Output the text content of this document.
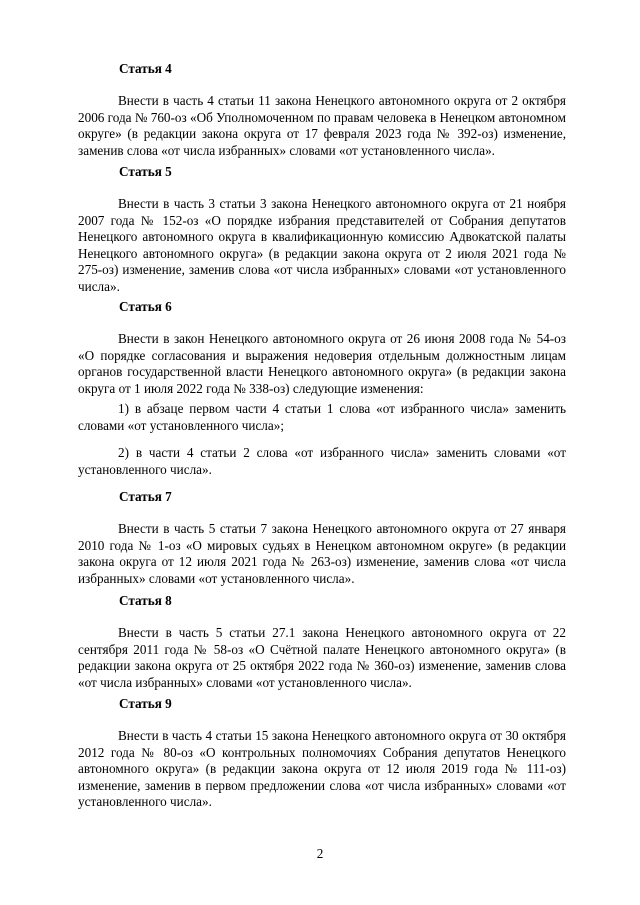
Статья 4
Внести в часть 4 статьи 11 закона Ненецкого автономного округа от 2 октября 2006 года № 760-оз «Об Уполномоченном по правам человека в Ненецком автономном округе» (в редакции закона округа от 17 февраля 2023 года № 392-оз) изменение, заменив слова «от числа избранных» словами «от установленного числа».
Статья 5
Внести в часть 3 статьи 3 закона Ненецкого автономного округа от 21 ноября 2007 года № 152-оз «О порядке избрания представителей от Собрания депутатов Ненецкого автономного округа в квалификационную комиссию Адвокатской палаты Ненецкого автономного округа» (в редакции закона округа от 2 июля 2021 года № 275-оз) изменение, заменив слова «от числа избранных» словами «от установленного числа».
Статья 6
Внести в закон Ненецкого автономного округа от 26 июня 2008 года № 54-оз «О порядке согласования и выражения недоверия отдельным должностным лицам органов государственной власти Ненецкого автономного округа» (в редакции закона округа от 1 июля 2022 года № 338-оз) следующие изменения:
1) в абзаце первом части 4 статьи 1 слова «от избранного числа» заменить словами «от установленного числа»;
2) в части 4 статьи 2 слова «от избранного числа» заменить словами «от установленного числа».
Статья 7
Внести в часть 5 статьи 7 закона Ненецкого автономного округа от 27 января 2010 года № 1-оз «О мировых судьях в Ненецком автономном округе» (в редакции закона округа от 12 июля 2021 года № 263-оз) изменение, заменив слова «от числа избранных» словами «от установленного числа».
Статья 8
Внести в часть 5 статьи 27.1 закона Ненецкого автономного округа от 22 сентября 2011 года № 58-оз «О Счётной палате Ненецкого автономного округа» (в редакции закона округа от 25 октября 2022 года № 360-оз) изменение, заменив слова «от числа избранных» словами «от установленного числа».
Статья 9
Внести в часть 4 статьи 15 закона Ненецкого автономного округа от 30 октября 2012 года № 80-оз «О контрольных полномочиях Собрания депутатов Ненецкого автономного округа» (в редакции закона округа от 12 июля 2019 года № 111-оз) изменение, заменив в первом предложении слова «от числа избранных» словами «от установленного числа».
2
